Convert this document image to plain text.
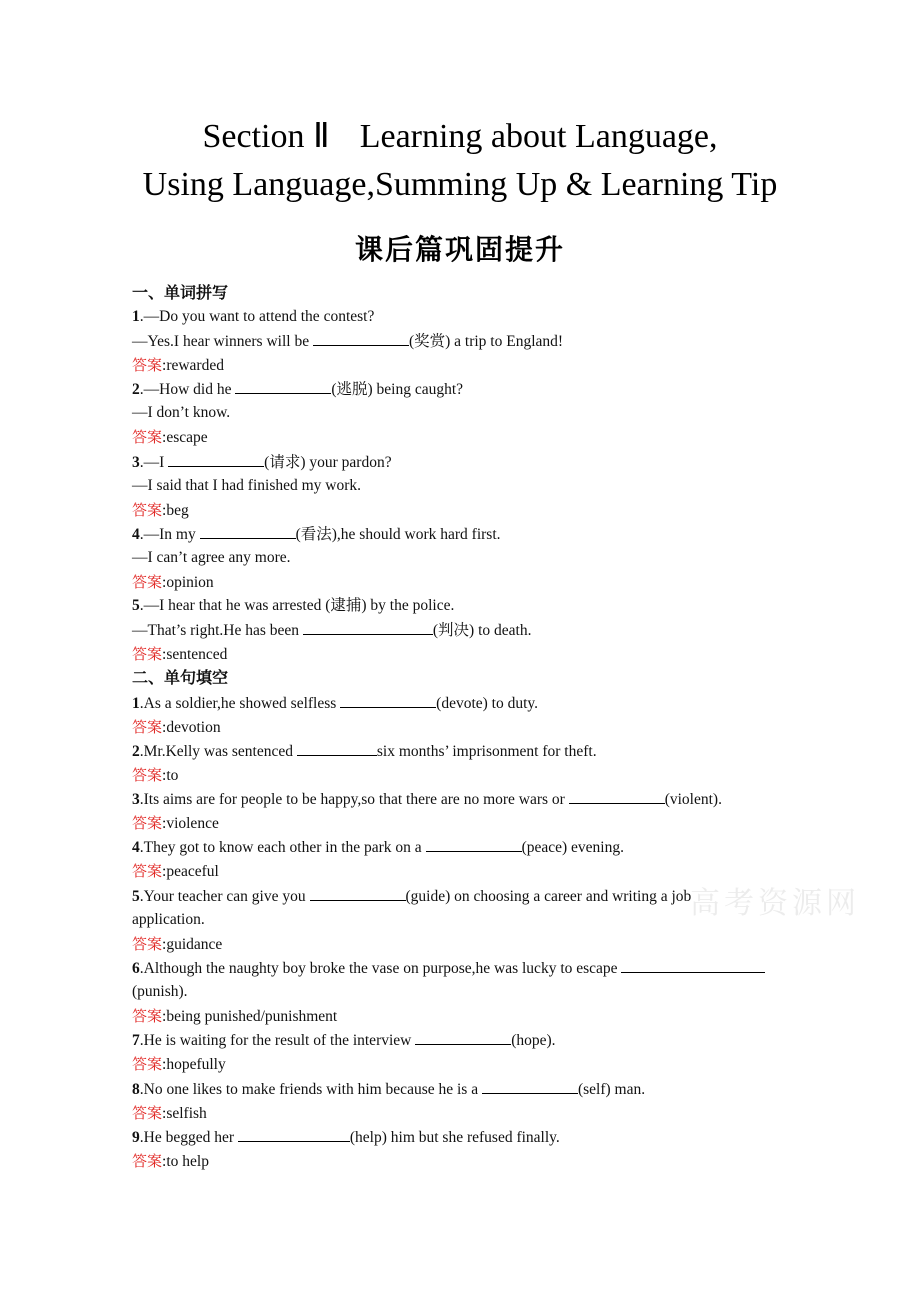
Section Ⅱ Learning about Language,
Using Language,Summing Up & Learning Tip
课后篇巩固提升
一、单词拼写
1.—Do you want to attend the contest?
—Yes.I hear winners will be	(奖赏) a trip to England!
答案:rewarded
2.—How did he	(逃脱) being caught?
—I don’t know.
答案:escape
3.—I	(请求) your pardon?
—I said that I had finished my work.
答案:beg
4.—In my	(看法),he should work hard first.
—I can’t agree any more.
答案:opinion
5.—I hear that he was arrested (逮捕) by the police.
—That’s right.He has been	(判决) to death.
答案:sentenced
二、单句填空
1.As a soldier,he showed selfless	(devote) to duty.
答案:devotion
2.Mr.Kelly was sentenced	six months’ imprisonment for theft.
答案:to
3.Its aims are for people to be happy,so that there are no more wars or	(violent).
答案:violence
4.They got to know each other in the park on a	(peace) evening.
答案:peaceful
5.Your teacher can give you	(guide) on choosing a career and writing a job
application.
答案:guidance
高考资源网
6.Although the naughty boy broke the vase on purpose,he was lucky to escape
(punish).
答案:being punished/punishment
7.He is waiting for the result of the interview	(hope).
答案:hopefully
8.No one likes to make friends with him because he is a	(self) man.
答案:selfish
9.He begged her	(help) him but she refused finally.
答案:to help
